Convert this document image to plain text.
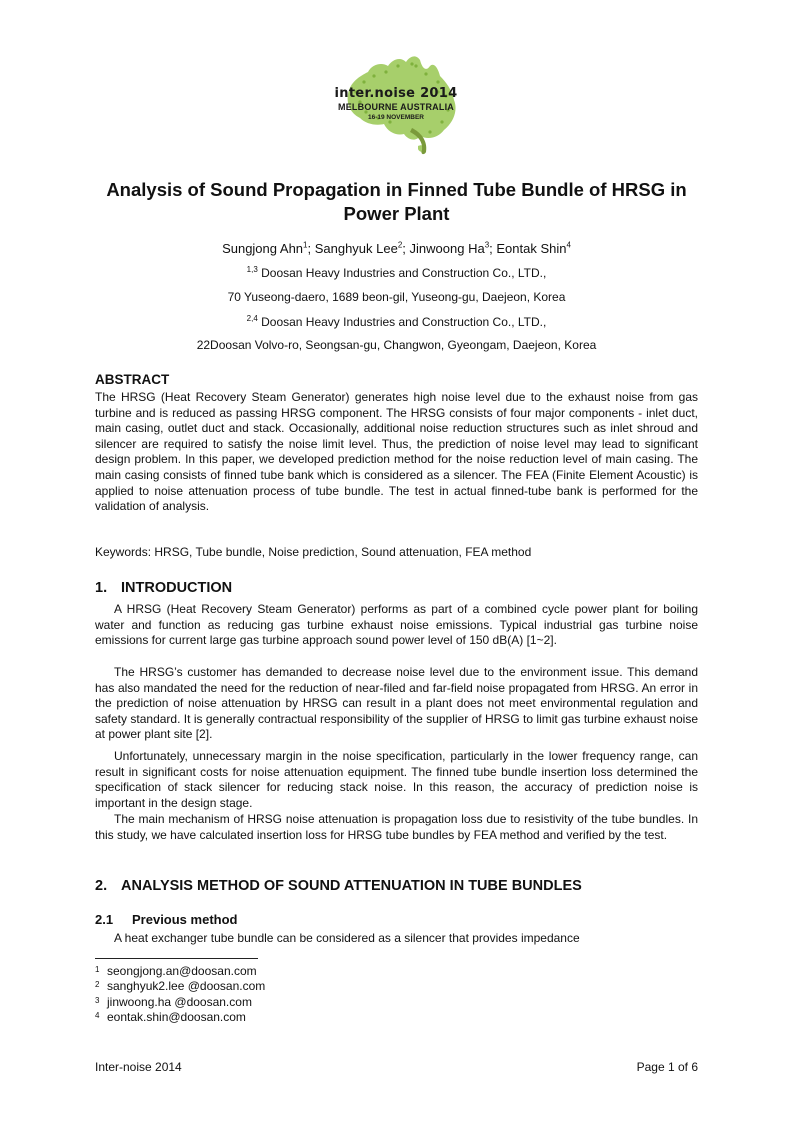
inter.noise 2014
MELBOURNE AUSTRALIA
16-19 NOVEMBER
Analysis of Sound Propagation in Finned Tube Bundle of HRSG in
Power Plant

Sungjong Ahn$^1$; Sanghyuk Lee$^2$; Jinwoong Ha$^3$; Eontak Shin$^4$

$^{1,3}$ Doosan Heavy Industries and Construction Co., LTD.,

70 Yuseong-daero, 1689 beon-gil, Yuseong-gu, Daejeon, Korea

$^{2,4}$ Doosan Heavy Industries and Construction Co., LTD.,

22Doosan Volvo-ro, Seongsan-gu, Changwon, Gyeongam, Daejeon, Korea

ABSTRACT

The HRSG (Heat Recovery Steam Generator) generates high noise level due to the exhaust noise from gas turbine and is reduced as passing HRSG component. The HRSG consists of four major components - inlet duct, main casing, outlet duct and stack. Occasionally, additional noise reduction structures such as inlet shroud and silencer are required to satisfy the noise limit level. Thus, the prediction of noise level may lead to significant design problem. In this paper, we developed prediction method for the noise reduction level of main casing. The main casing consists of finned tube bank which is considered as a silencer. The FEA (Finite Element Acoustic) is applied to noise attenuation process of tube bundle. The test in actual finned-tube bank is performed for the validation of analysis.

Keywords: HRSG, Tube bundle, Noise prediction, Sound attenuation, FEA method

1. INTRODUCTION

A HRSG (Heat Recovery Steam Generator) performs as part of a combined cycle power plant for boiling water and function as reducing gas turbine exhaust noise emissions. Typical industrial gas turbine noise emissions for current large gas turbine approach sound power level of 150 dB(A) [1~2].

The HRSG’s customer has demanded to decrease noise level due to the environment issue. This demand has also mandated the need for the reduction of near-filed and far-field noise propagated from HRSG. An error in the prediction of noise attenuation by HRSG can result in a plant does not meet environmental regulation and safety standard. It is generally contractual responsibility of the supplier of HRSG to limit gas turbine exhaust noise at power plant site [2].

Unfortunately, unnecessary margin in the noise specification, particularly in the lower frequency range, can result in significant costs for noise attenuation equipment. The finned tube bundle insertion loss determined the specification of stack silencer for reducing stack noise. In this reason, the accuracy of prediction noise is important in the design stage.

The main mechanism of HRSG noise attenuation is propagation loss due to resistivity of the tube bundles. In this study, we have calculated insertion loss for HRSG tube bundles by FEA method and verified by the test.

2. ANALYSIS METHOD OF SOUND ATTENUATION IN TUBE BUNDLES
2.1 Previous method

A heat exchanger tube bundle can be considered as a silencer that provides impedance

$^1$ seongjong.an@doosan.com
$^2$ sanghyuk2.lee @doosan.com
$^3$ jinwoong.ha @doosan.com
$^4$ eontak.shin@doosan.com

Inter-noise 2014	Page 1 of 6
